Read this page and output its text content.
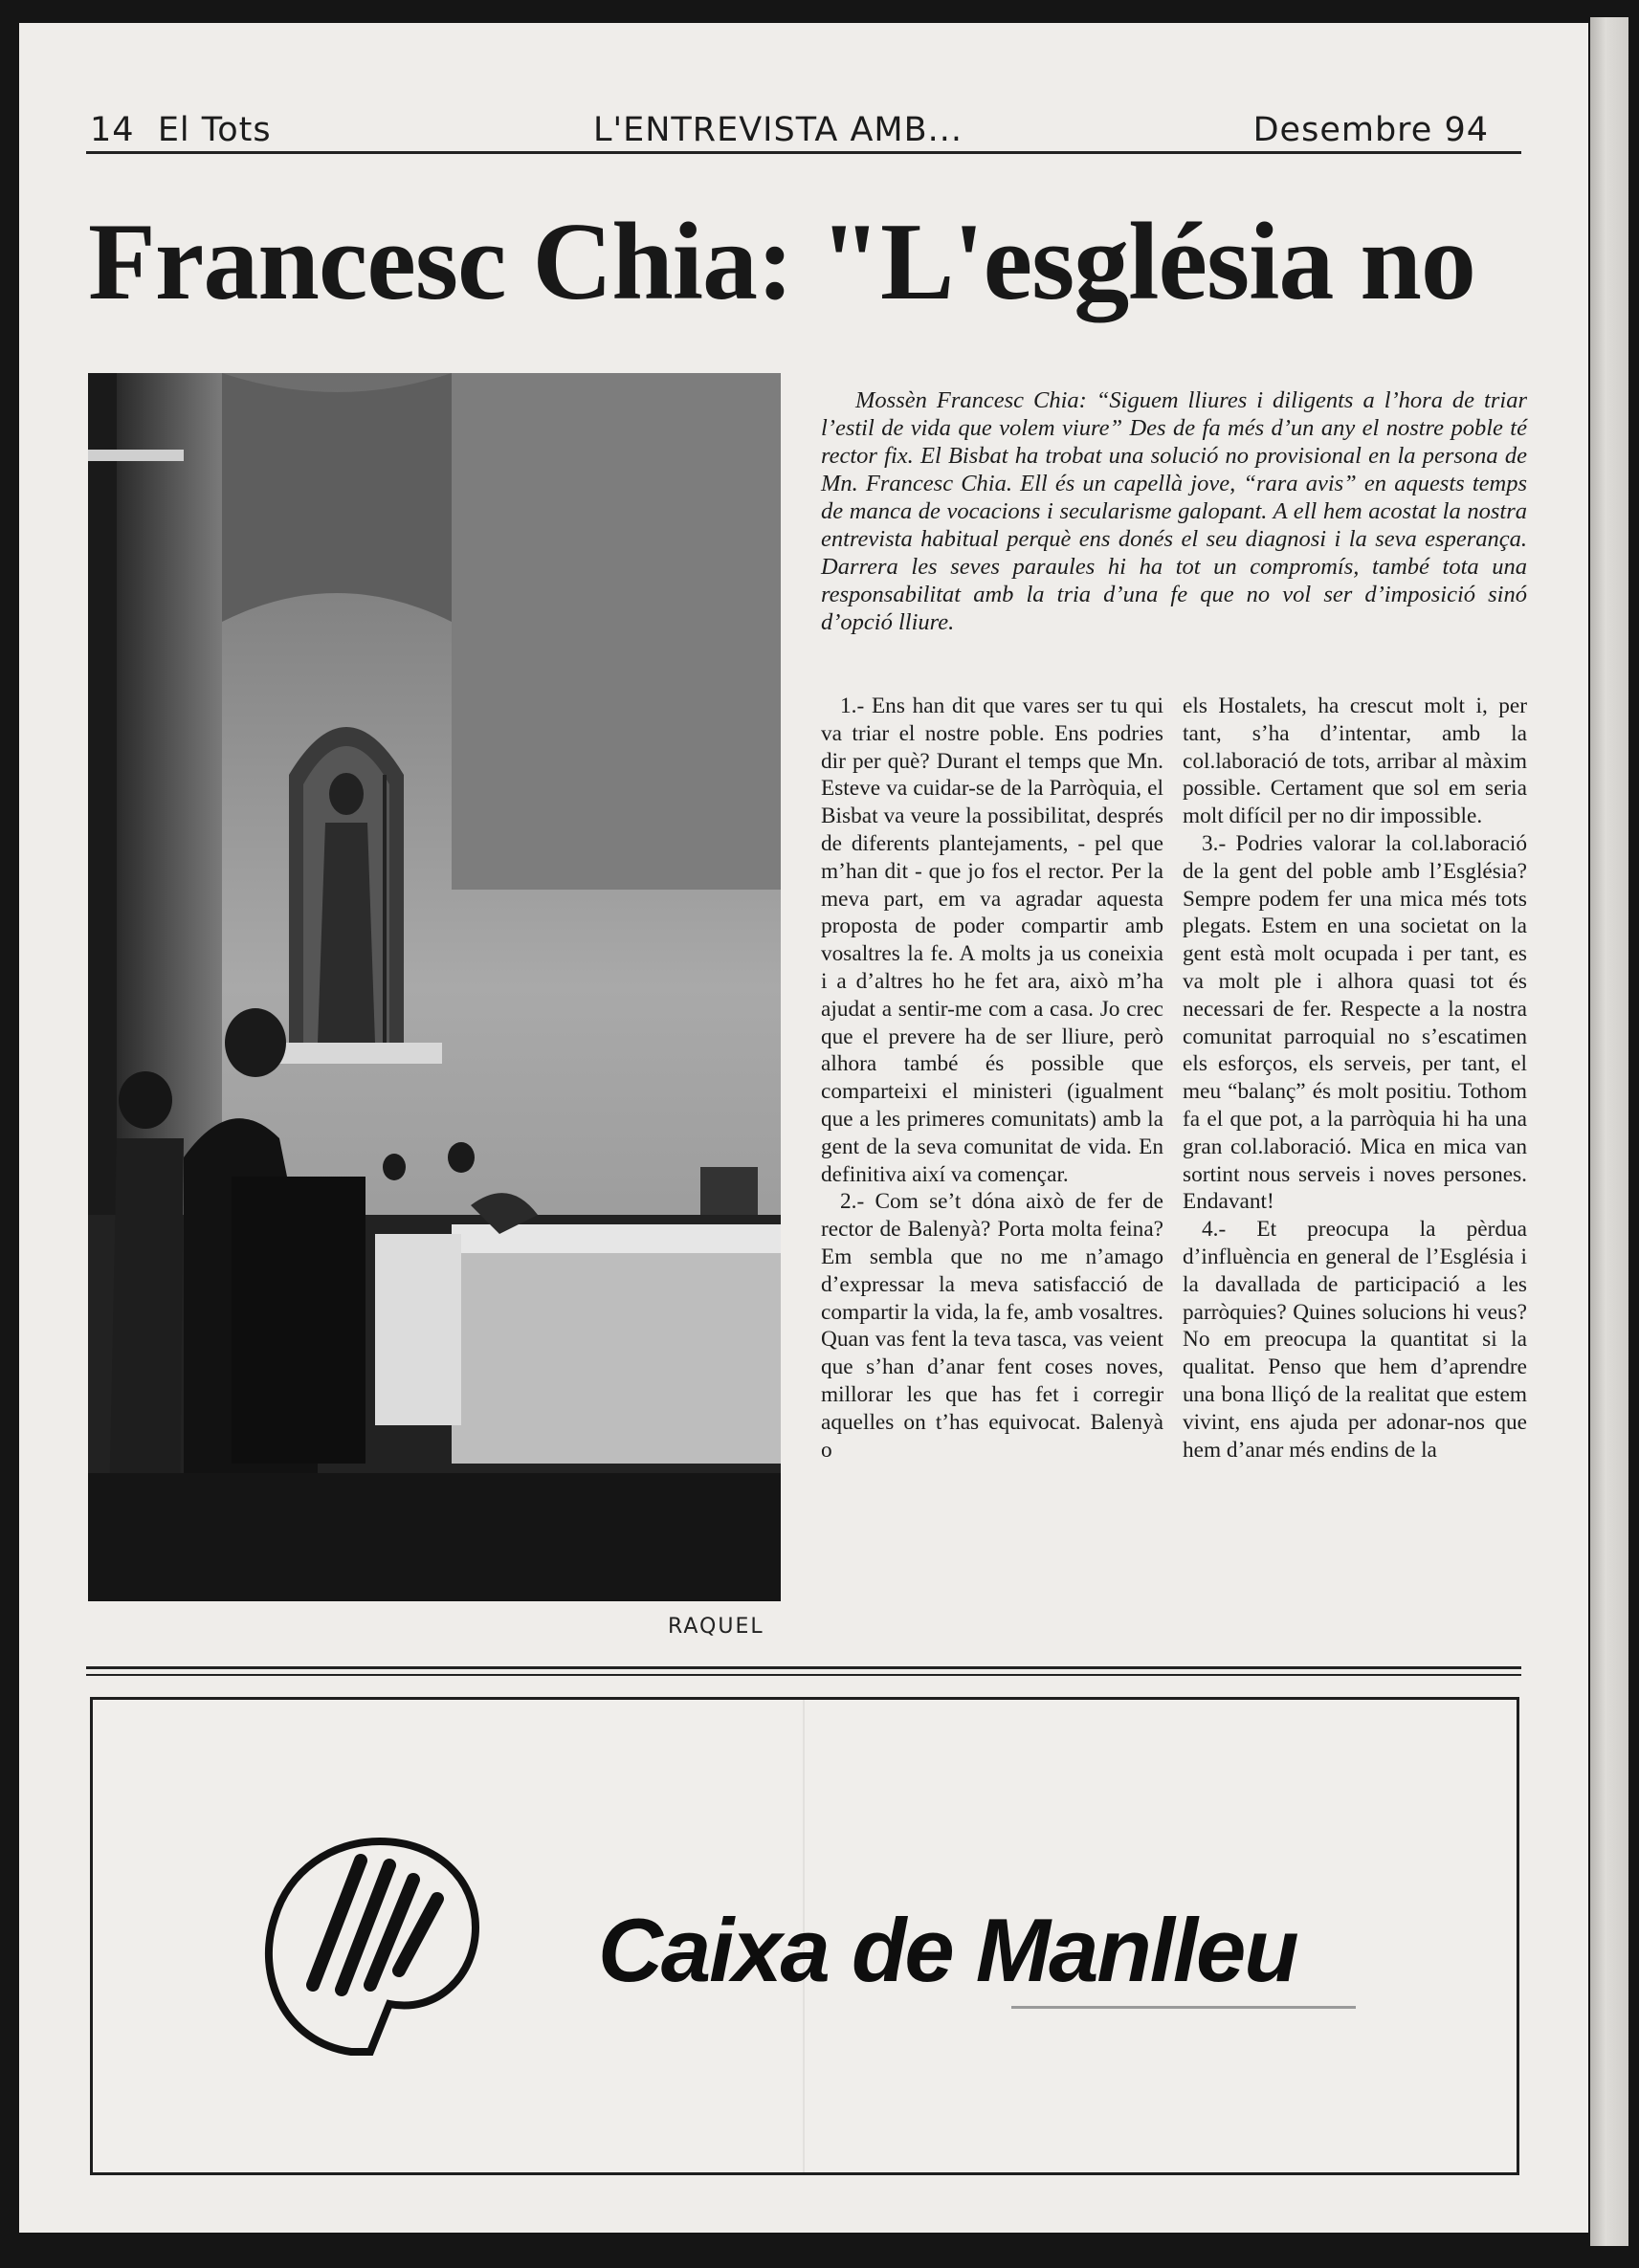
14 El Tots	L'ENTREVISTA AMB...	Desembre 94
Francesc Chia: "L'església no
RAQUEL

Mossèn Francesc Chia: “Siguem lliures i diligents a l’hora de triar l’estil de vida que volem viure” Des de fa més d’un any el nostre poble té rector fix. El Bisbat ha trobat una solució no provisional en la persona de Mn. Francesc Chia. Ell és un capellà jove, “rara avis” en aquests temps de manca de vocacions i secularisme galopant. A ell hem acostat la nostra entrevista habitual perquè ens donés el seu diagnosi i la seva esperança. Darrera les seves paraules hi ha tot un compromís, també tota una responsabilitat amb la tria d’una fe que no vol ser d’imposició sinó d’opció lliure.

1.- Ens han dit que vares ser tu qui va triar el nostre poble. Ens podries dir per què? Durant el temps que Mn. Esteve va cuidar-se de la Parròquia, el Bisbat va veure la possibilitat, després de diferents plantejaments, - pel que m’han dit - que jo fos el rector. Per la meva part, em va agradar aquesta proposta de poder compartir amb vosaltres la fe. A molts ja us coneixia i a d’altres ho he fet ara, això m’ha ajudat a sentir-me com a casa. Jo crec que el prevere ha de ser lliure, però alhora també és possible que comparteixi el ministeri (igualment que a les primeres comunitats) amb la gent de la seva comunitat de vida. En definitiva així va començar.

2.- Com se’t dóna això de fer de rector de Balenyà? Porta molta feina? Em sembla que no me n’amago d’expressar la meva satisfacció de compartir la vida, la fe, amb vosaltres. Quan vas fent la teva tasca, vas veient que s’han d’anar fent coses noves, millorar les que has fet i corregir aquelles on t’has equivocat. Balenyà o

els Hostalets, ha crescut molt i, per tant, s’ha d’intentar, amb la col.laboració de tots, arribar al màxim possible. Certament que sol em seria molt difícil per no dir impossible.

3.- Podries valorar la col.laboració de la gent del poble amb l’Església? Sempre podem fer una mica més tots plegats. Estem en una societat on la gent està molt ocupada i per tant, es va molt ple i alhora quasi tot és necessari de fer. Respecte a la nostra comunitat parroquial no s’escatimen els esforços, els serveis, per tant, el meu “balanç” és molt positiu. Tothom fa el que pot, a la parròquia hi ha una gran col.laboració. Mica en mica van sortint nous serveis i noves persones. Endavant!

4.- Et preocupa la pèrdua d’influència en general de l’Església i la davallada de participació a les parròquies? Quines solucions hi veus? No em preocupa la quantitat si la qualitat. Penso que hem d’aprendre una bona lliçó de la realitat que estem vivint, ens ajuda per adonar-nos que hem d’anar més endins de la

Caixa de Manlleu
